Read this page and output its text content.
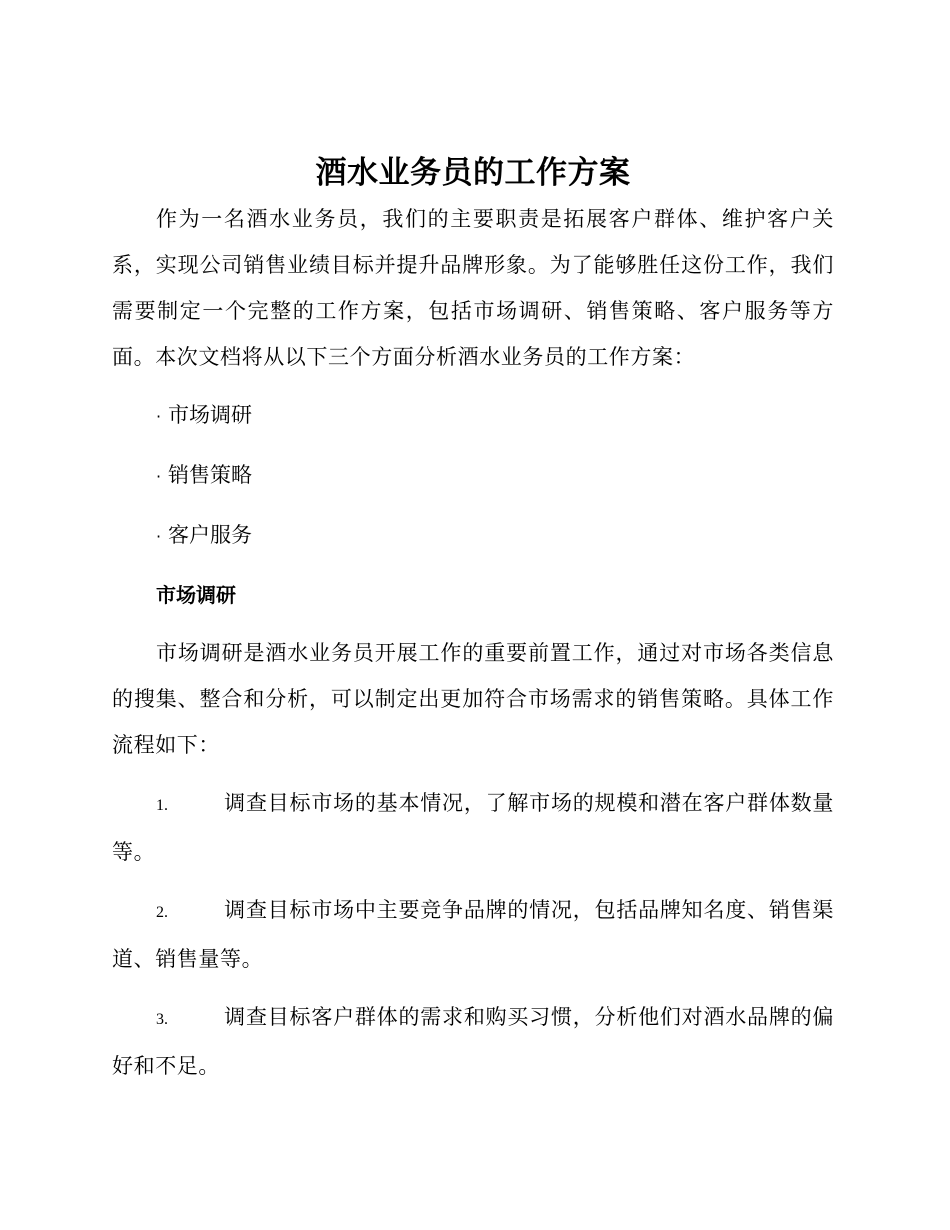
酒水业务员的工作方案

作为一名酒水业务员，我们的主要职责是拓展客户群体、维护客户关系，实现公司销售业绩目标并提升品牌形象。为了能够胜任这份工作，我们需要制定一个完整的工作方案，包括市场调研、销售策略、客户服务等方面。本次文档将从以下三个方面分析酒水业务员的工作方案：

· 市场调研
· 销售策略
· 客户服务
市场调研

市场调研是酒水业务员开展工作的重要前置工作，通过对市场各类信息的搜集、整合和分析，可以制定出更加符合市场需求的销售策略。具体工作流程如下：

1.	调查目标市场的基本情况，了解市场的规模和潜在客户群体数量等。
2.	调查目标市场中主要竞争品牌的情况，包括品牌知名度、销售渠道、销售量等。
3.	调查目标客户群体的需求和购买习惯，分析他们对酒水品牌的偏好和不足。
